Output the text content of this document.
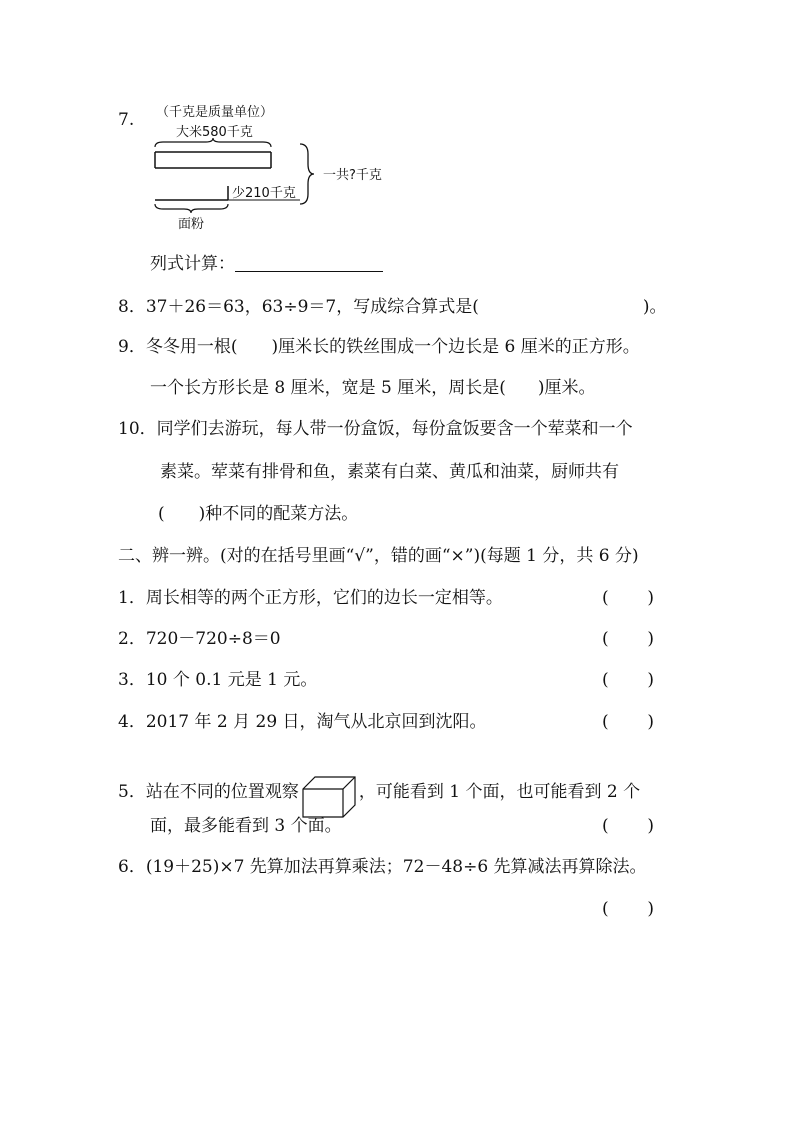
7. （千克是质量单位）
大米580千克
少210千克
面粉
一共?千克
列式计算：
8．37＋26＝63，63÷9＝7，写成综合算式是(	)。
9．冬冬用一根( )厘米长的铁丝围成一个边长是 6 厘米的正方形。
一个长方形长是 8 厘米，宽是 5 厘米，周长是( )厘米。
10．同学们去游玩，每人带一份盒饭，每份盒饭要含一个荤菜和一个
素菜。荤菜有排骨和鱼，素菜有白菜、黄瓜和油菜，厨师共有
( )种不同的配菜方法。
二、辨一辨。(对的在括号里画“√”，错的画“×”)(每题 1 分，共 6 分)
1．周长相等的两个正方形，它们的边长一定相等。	( )
2．720－720÷8＝0	( )
3．10 个 0.1 元是 1 元。	( )
4．2017 年 2 月 29 日，淘气从北京回到沈阳。	( )
5．站在不同的位置观察	，可能看到 1 个面，也可能看到 2 个
面，最多能看到 3 个面。	( )
6．(19＋25)×7 先算加法再算乘法；72－48÷6 先算减法再算除法。
( )
